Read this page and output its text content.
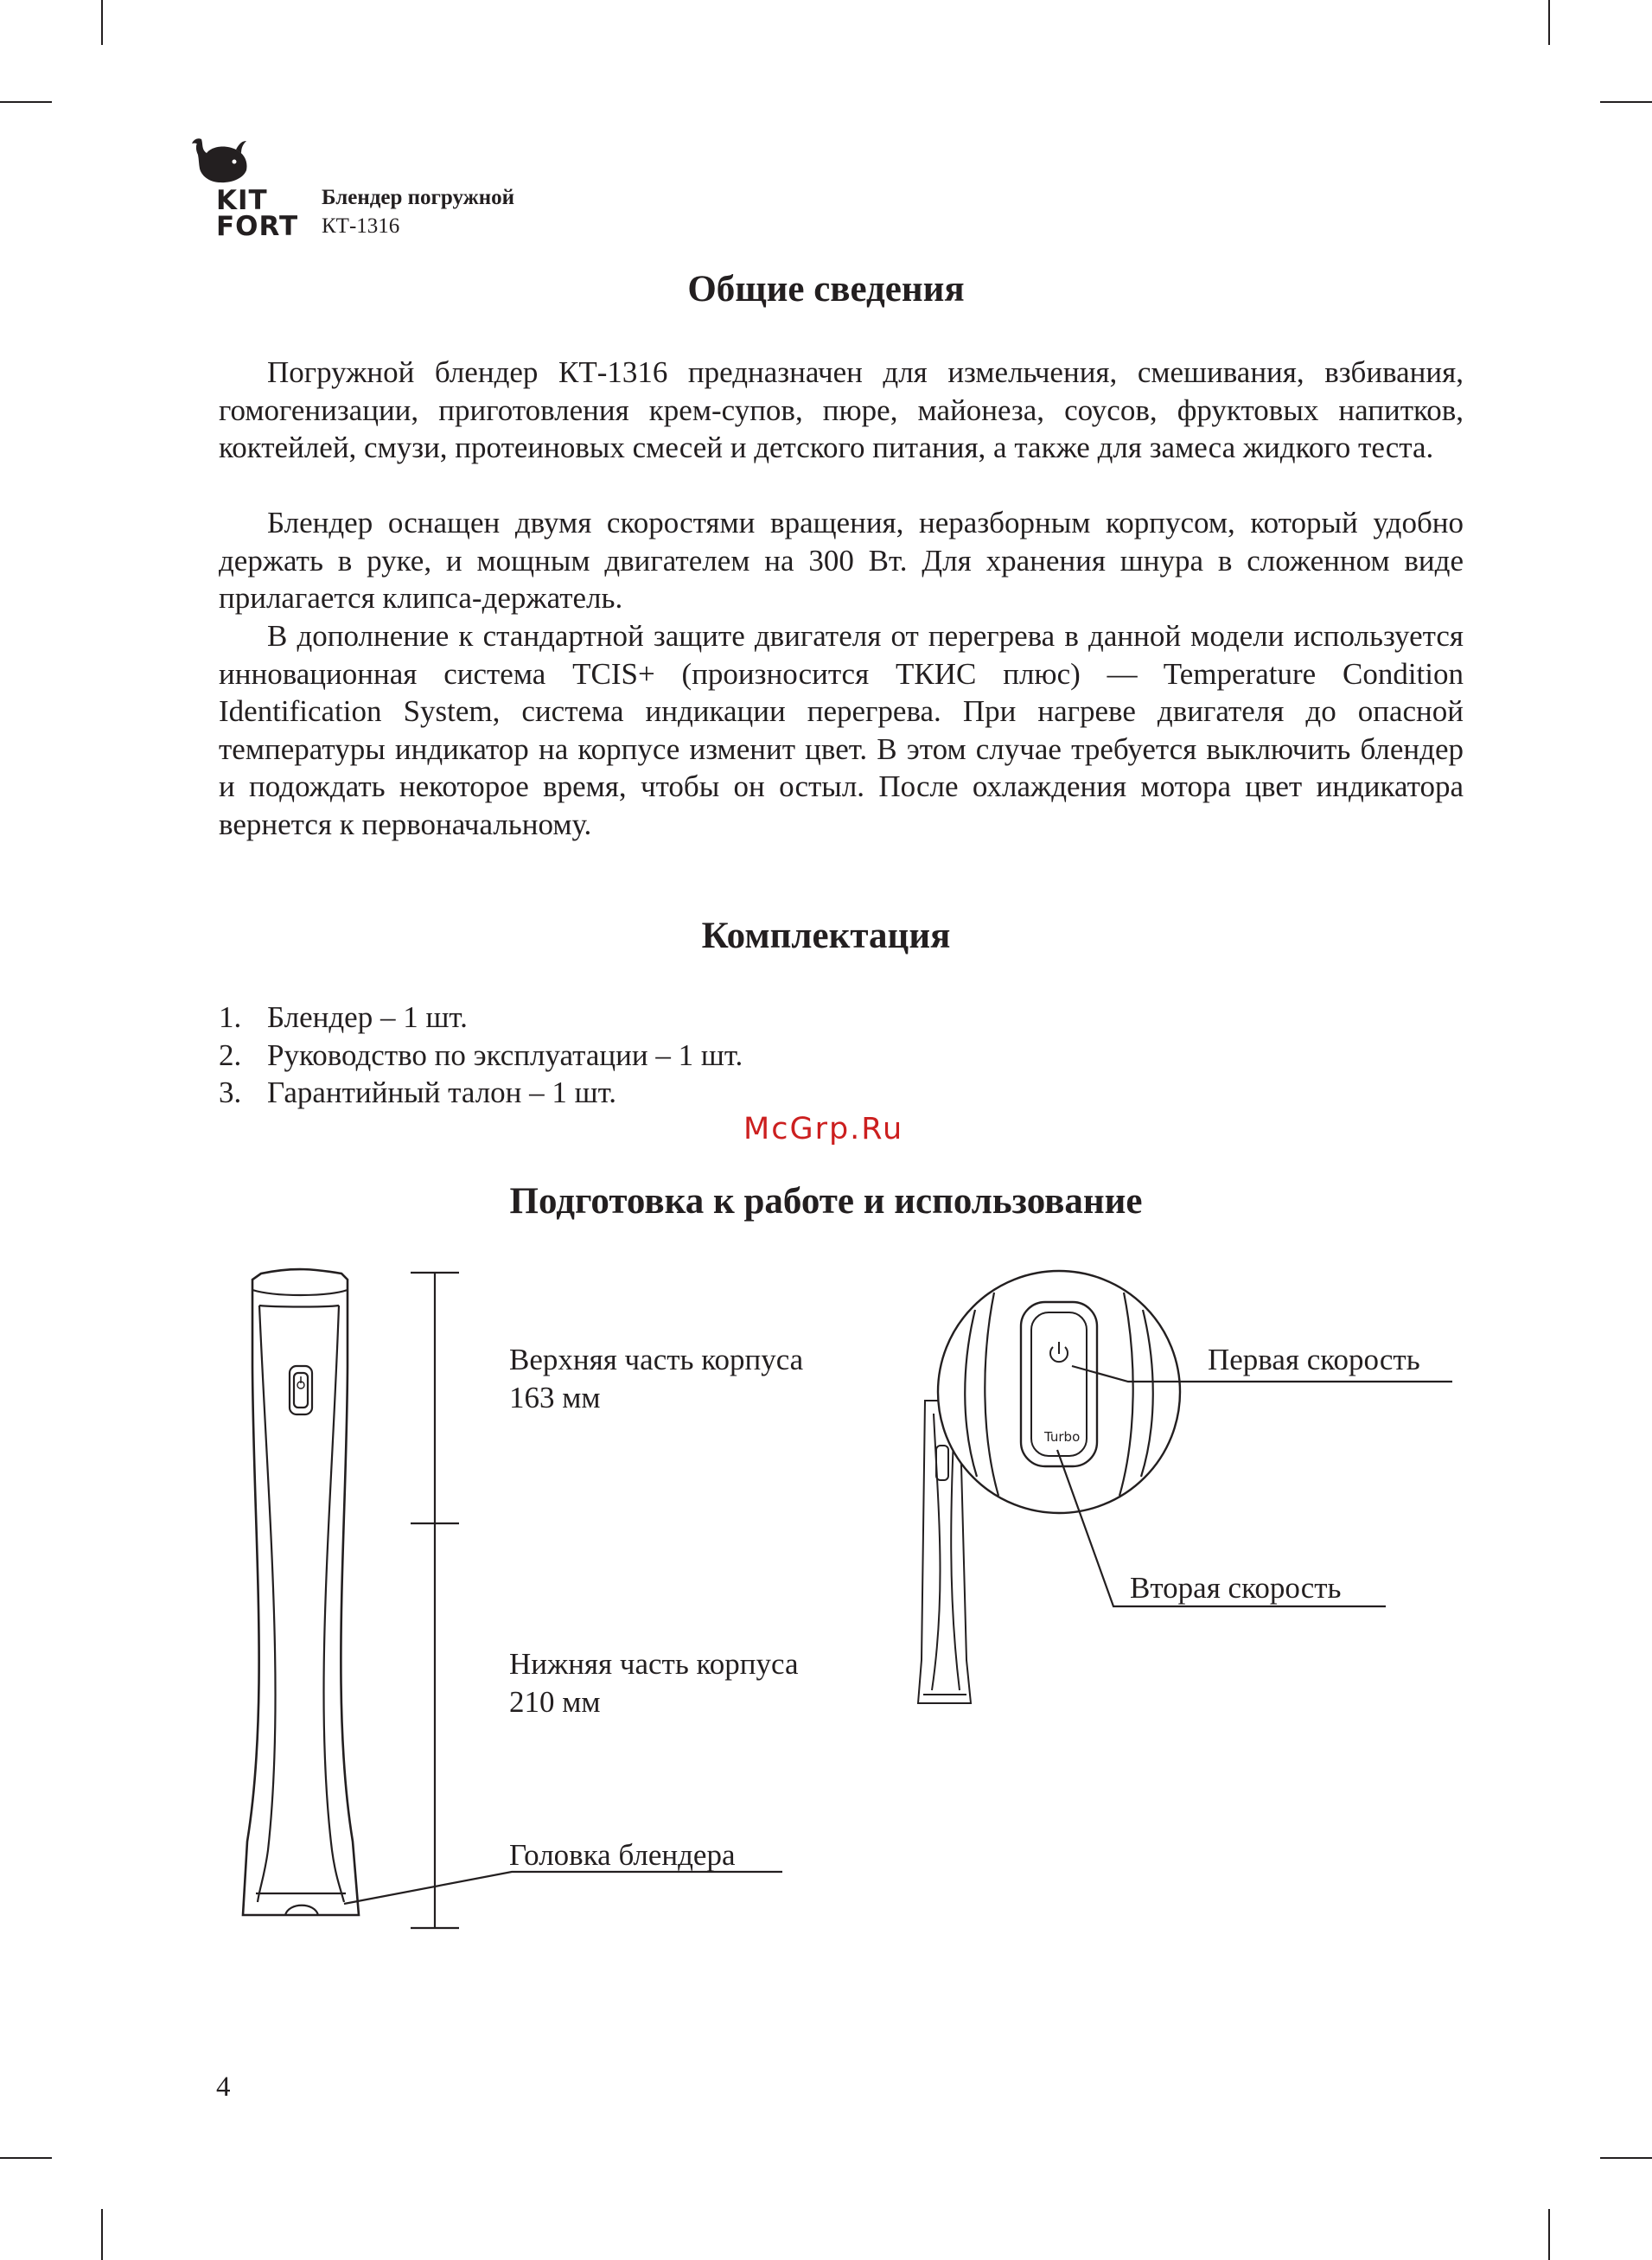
KIT
FORT
Блендер погружной
КТ-1316
Общие сведения

Погружной блендер КТ-1316 предназначен для измельчения, смешивания, взбивания, гомогенизации, приготовления крем-супов, пюре, майонеза, соусов, фруктовых напитков, коктейлей, смузи, протеиновых смесей и детского питания, а также для замеса жидкого теста.

Блендер оснащен двумя скоростями вращения, неразборным корпусом, который удобно держать в руке, и мощным двигателем на 300 Вт. Для хранения шнура в сложенном виде прилагается клипса-держатель.

В дополнение к стандартной защите двигателя от перегрева в данной модели используется инновационная система TCIS+ (произносится ТКИС плюс) — Temperature Condition Identification System, система индикации перегрева. При нагреве двигателя до опасной температуры индикатор на корпусе изменит цвет. В этом случае требуется выключить блендер и подождать некоторое время, чтобы он остыл. После охлаждения мотора цвет индикатора вернется к первоначальному.

Комплектация
1. Блендер – 1 шт.
2. Руководство по эксплуатации – 1 шт.
3. Гарантийный талон – 1 шт.
McGrp.Ru
Подготовка к работе и использование
Turbo
Верхняя часть корпуса
163 мм
Нижняя часть корпуса
210 мм
Головка блендера
Первая скорость
Вторая скорость
4
